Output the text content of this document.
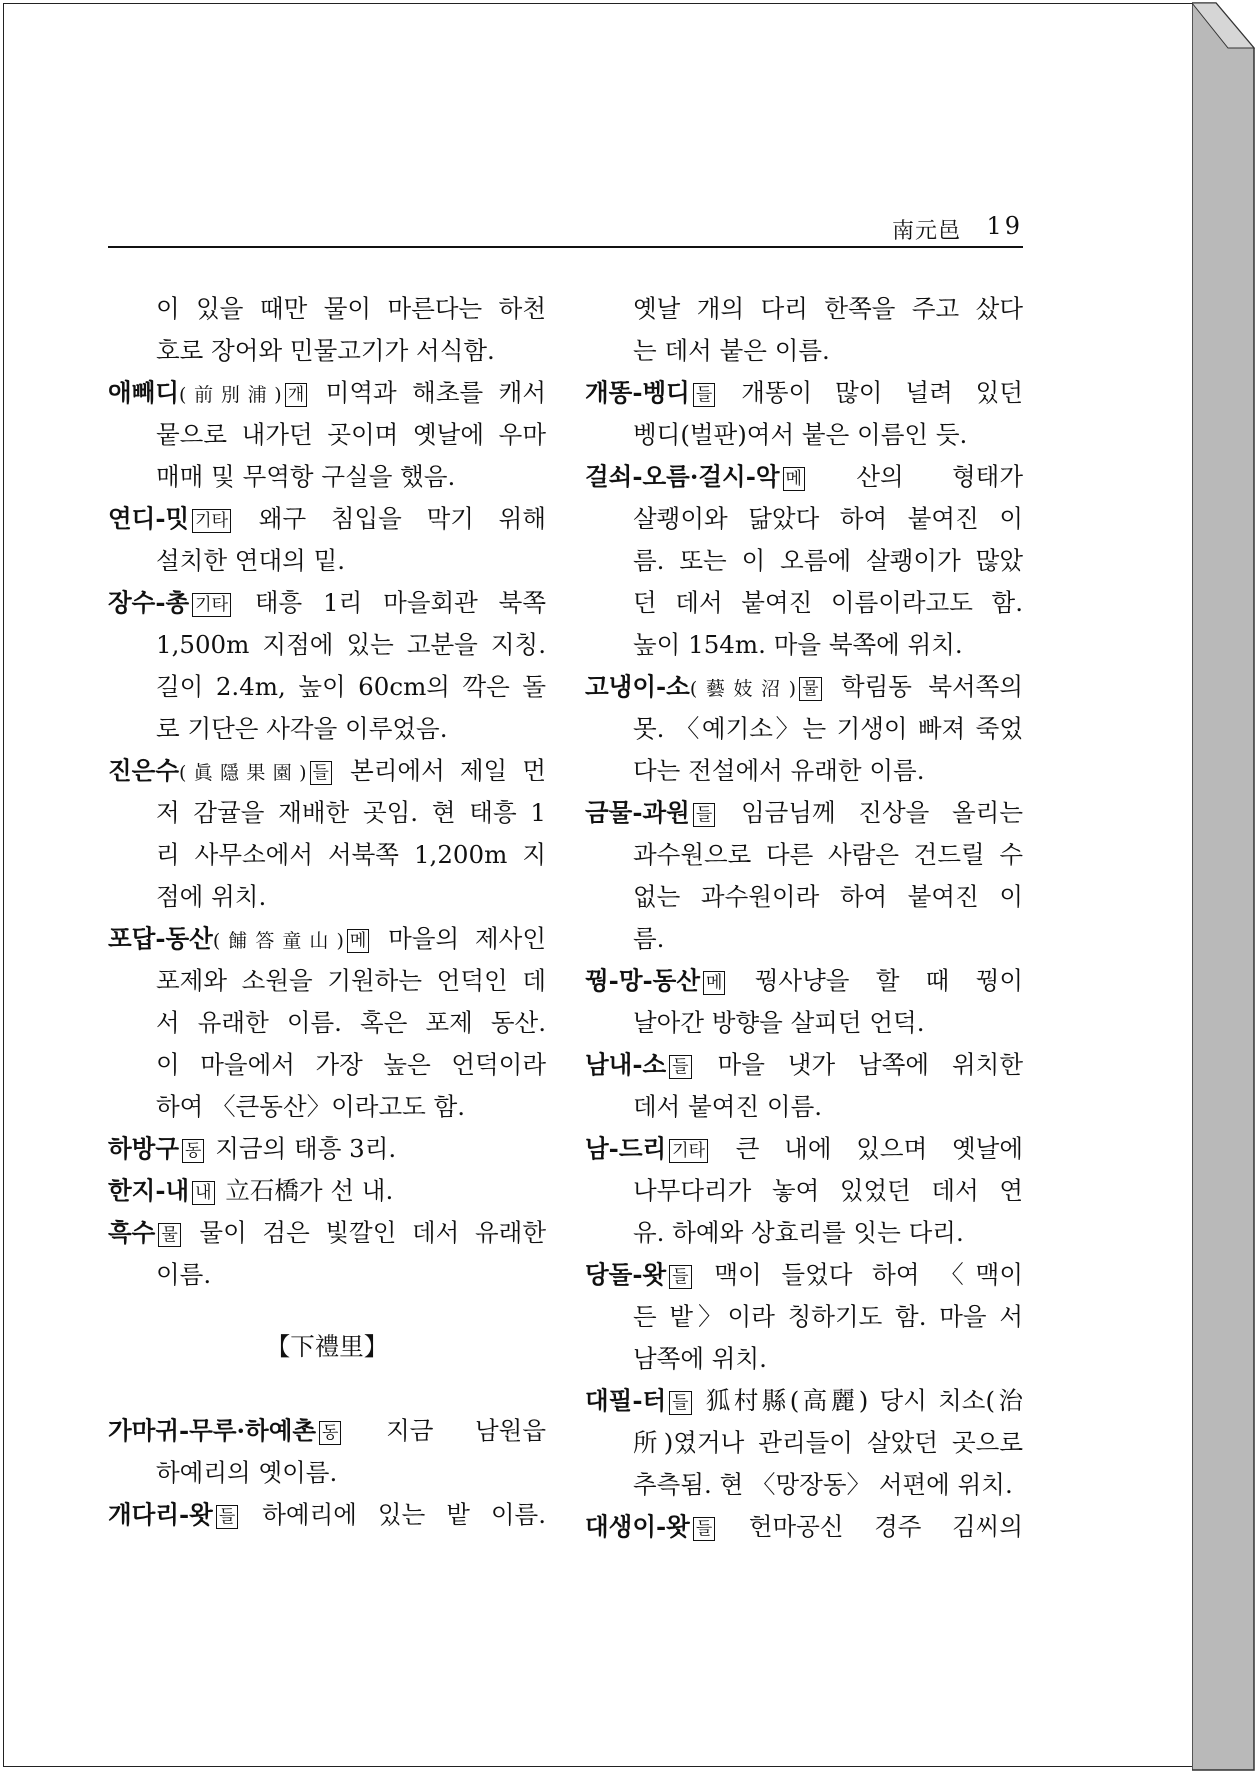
南元邑 19
이 있을 때만 물이 마른다는 하천
호로 장어와 민물고기가 서식함.
애빼디(前別浦) 개 미역과 해초를 캐서
뭍으로 내가던 곳이며 옛날에 우마
매매 및 무역항 구실을 했음.
연디-밋 기타 왜구 침입을 막기 위해
설치한 연대의 밑.
장수-총 기타 태흥 1리 마을회관 북쪽
1,500m 지점에 있는 고분을 지칭.
길이 2.4m, 높이 60cm의 깍은 돌
로 기단은 사각을 이루었음.
진은수(眞隱果園) 들 본리에서 제일 먼
저 감귤을 재배한 곳임. 현 태흥 1
리 사무소에서 서북쪽 1,200m 지
점에 위치.
포답-동산(餔答童山) 메 마을의 제사인
포제와 소원을 기원하는 언덕인 데
서 유래한 이름. 혹은 포제 동산.
이 마을에서 가장 높은 언덕이라
하여 〈큰동산〉이라고도 함.
하방구 동 지금의 태흥 3리.
한지-내 내 立石橋가 선 내.
흑수 물 물이 검은 빛깔인 데서 유래한
이름.
【下禮里】
가마귀-무루·하예촌 동 지금 남원읍
하예리의 옛이름.
개다리-왓 들 하예리에 있는 밭 이름.
옛날 개의 다리 한쪽을 주고 샀다
는 데서 붙은 이름.
개똥-벵디 들 개똥이 많이 널려 있던
벵디(벌판)여서 붙은 이름인 듯.
걸쇠-오름·걸시-악 메 산의 형태가
살쾡이와 닮았다 하여 붙여진 이
름. 또는 이 오름에 살쾡이가 많았
던 데서 붙여진 이름이라고도 함.
높이 154m. 마을 북쪽에 위치.
고냉이-소(藝妓沼) 물 학림동 북서쪽의
못. 〈예기소〉는 기생이 빠져 죽었
다는 전설에서 유래한 이름.
금물-과원 들 임금님께 진상을 올리는
과수원으로 다른 사람은 건드릴 수
없는 과수원이라 하여 붙여진 이
름.
꿩-망-동산 메 꿩사냥을 할 때 꿩이
날아간 방향을 살피던 언덕.
남내-소 들 마을 냇가 남쪽에 위치한
데서 붙여진 이름.
남-드리 기타 큰 내에 있으며 옛날에
나무다리가 놓여 있었던 데서 연
유. 하예와 상효리를 잇는 다리.
당돌-왓 들 맥이 들었다 하여 〈맥이
든 밭〉이라 칭하기도 함. 마을 서
남쪽에 위치.
대필-터 들 狐村縣(高麗) 당시 치소(治
所)였거나 관리들이 살았던 곳으로
추측됨. 현 〈망장동〉 서편에 위치.
대생이-왓 들 헌마공신 경주 김씨의
